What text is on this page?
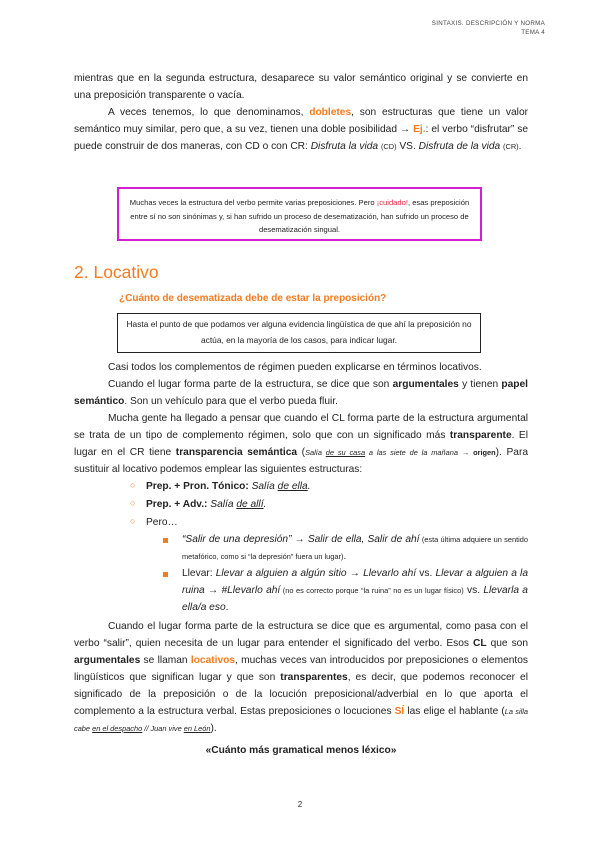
SINTAXIS. DESCRIPCIÓN Y NORMA
TEMA 4
mientras que en la segunda estructura, desaparece su valor semántico original y se convierte en una preposición transparente o vacía.
A veces tenemos, lo que denominamos, dobletes, son estructuras que tiene un valor semántico muy similar, pero que, a su vez, tienen una doble posibilidad → Ej.: el verbo “disfrutar” se puede construir de dos maneras, con CD o con CR: Disfruta la vida (CD) VS. Disfruta de la vida (CR).
Muchas veces la estructura del verbo permite varias preposiciones. Pero ¡cuidado!, esas preposición entre sí no son sinónimas y, si han sufrido un proceso de desematización, han sufrido un proceso de desematización singual.
2. Locativo
¿Cuánto de desematizada debe de estar la preposición?
Hasta el punto de que podamos ver alguna evidencia lingüística de que ahí la preposición no actúa, en la mayoría de los casos, para indicar lugar.
Casi todos los complementos de régimen pueden explicarse en términos locativos.
Cuando el lugar forma parte de la estructura, se dice que son argumentales y tienen papel semántico. Son un vehículo para que el verbo pueda fluir.
Mucha gente ha llegado a pensar que cuando el CL forma parte de la estructura argumental se trata de un tipo de complemento régimen, solo que con un significado más transparente. El lugar en el CR tiene transparencia semántica (Salía de su casa a las siete de la mañana → origen). Para sustituir al locativo podemos emplear las siguientes estructuras:
○ Prep. + Pron. Tónico: Salía de ella.
○ Prep. + Adv.: Salía de allí.
○ Pero…
“Salir de una depresión” → Salir de ella, Salir de ahí (esta última adquiere un sentido metafórico, como si “la depresión” fuera un lugar).
Llevar: Llevar a alguien a algún sitio → Llevarlo ahí vs. Llevar a alguien a la ruina → #Llevarlo ahí (no es correcto porque “la ruina” no es un lugar físico) vs. Llevarla a ella/a eso.
Cuando el lugar forma parte de la estructura se dice que es argumental, como pasa con el verbo “salir”, quien necesita de un lugar para entender el significado del verbo. Esos CL que son argumentales se llaman locativos, muchas veces van introducidos por preposiciones o elementos lingüísticos que significan lugar y que son transparentes, es decir, que podemos reconocer el significado de la preposición o de la locución preposicional/adverbial en lo que aporta el complemento a la estructura verbal. Estas preposiciones o locuciones SÍ las elige el hablante (La silla cabe en el despacho // Juan vive en León).
«Cuánto más gramatical menos léxico»
2
